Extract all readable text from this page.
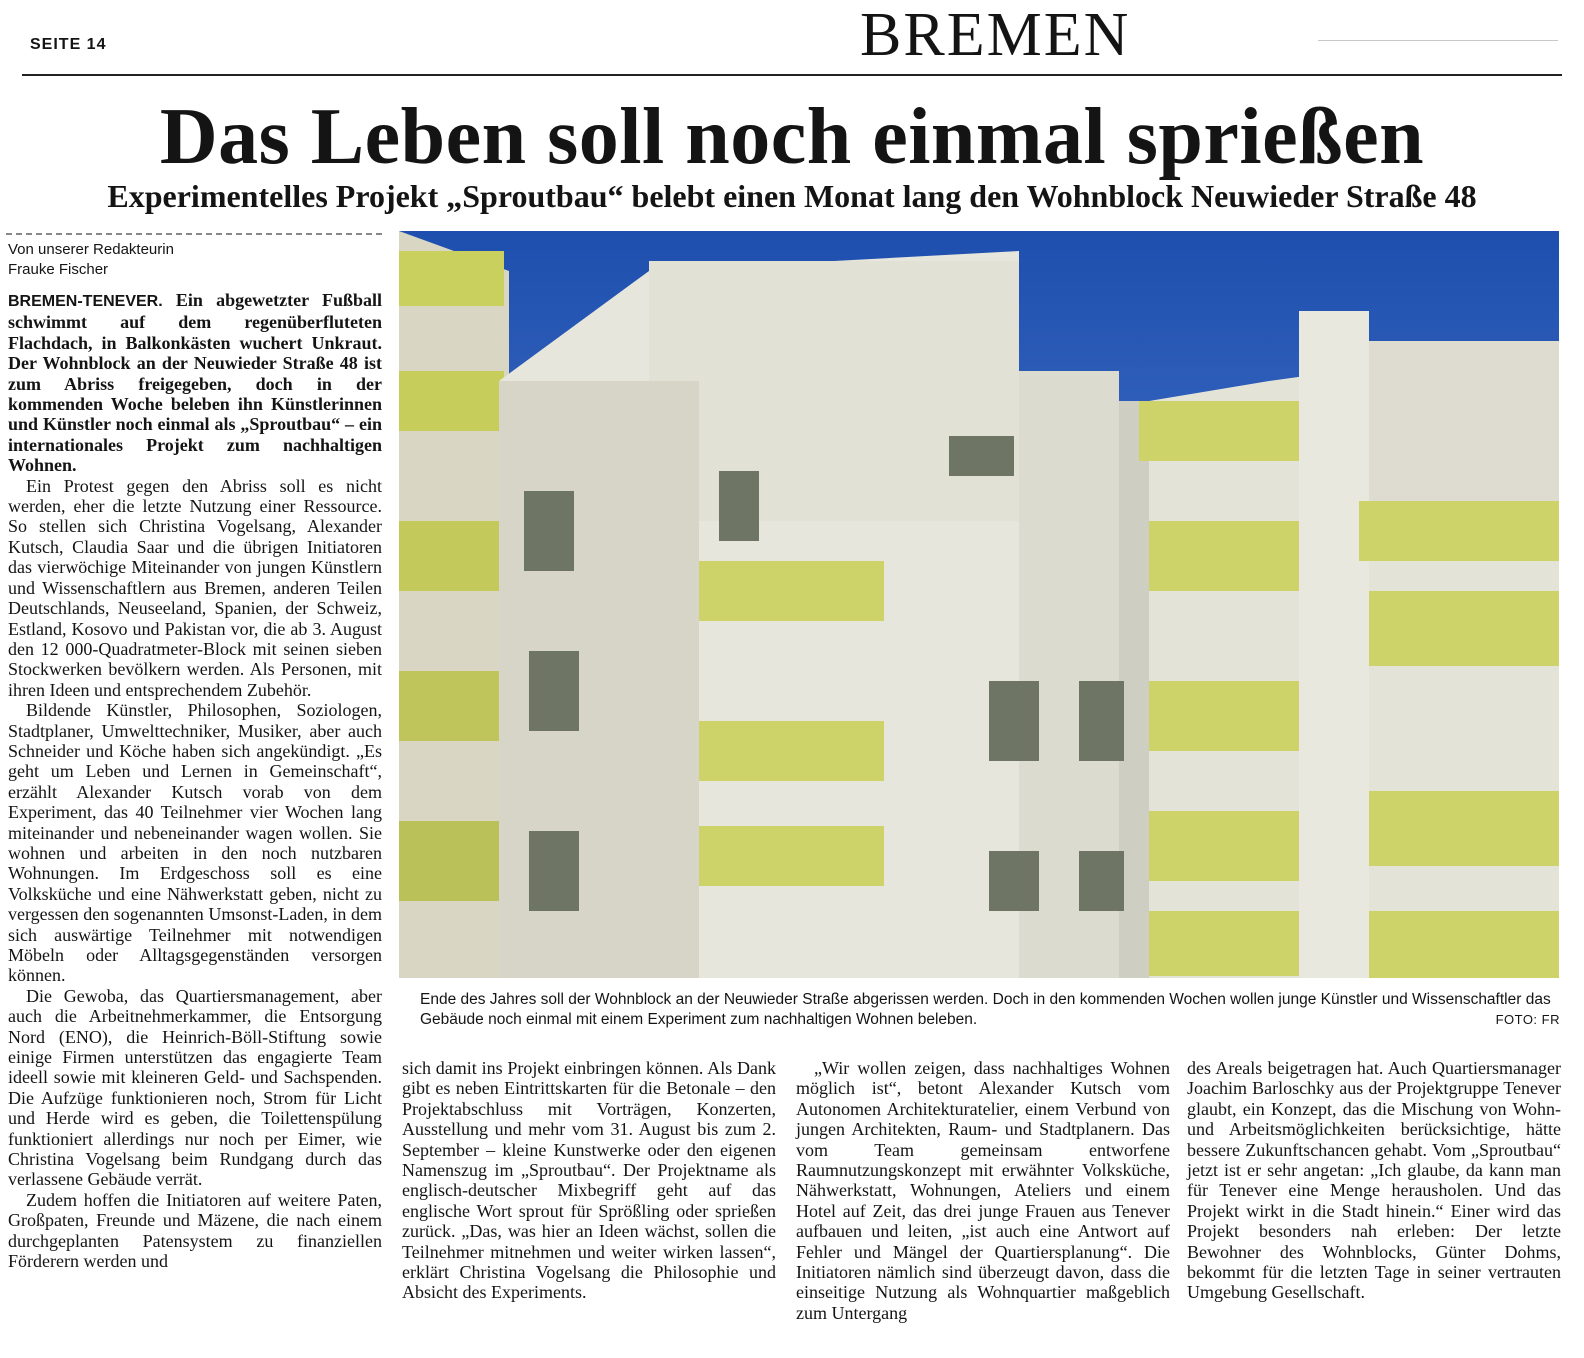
SEITE 14	BREMEN
Das Leben soll noch einmal sprießen
Experimentelles Projekt „Sproutbau“ belebt einen Monat lang den Wohnblock Neuwieder Straße 48
Von unserer Redakteurin
Frauke Fischer

BREMEN-TENEVER. Ein abgewetzter Fußball schwimmt auf dem regenüberfluteten Flachdach, in Balkonkästen wuchert Unkraut. Der Wohnblock an der Neuwieder Straße 48 ist zum Abriss freigegeben, doch in der kommenden Woche beleben ihn Künstlerinnen und Künstler noch einmal als „Sproutbau“ – ein internationales Projekt zum nachhaltigen Wohnen.

Ein Protest gegen den Abriss soll es nicht werden, eher die letzte Nutzung einer Ressource. So stellen sich Christina Vogelsang, Alexander Kutsch, Claudia Saar und die übrigen Initiatoren das vierwöchige Miteinander von jungen Künstlern und Wissenschaftlern aus Bremen, anderen Teilen Deutschlands, Neuseeland, Spanien, der Schweiz, Estland, Kosovo und Pakistan vor, die ab 3. August den 12 000-Quadratmeter-Block mit seinen sieben Stockwerken bevölkern werden. Als Personen, mit ihren Ideen und entsprechendem Zubehör.

Bildende Künstler, Philosophen, Soziologen, Stadtplaner, Umwelttechniker, Musiker, aber auch Schneider und Köche haben sich angekündigt. „Es geht um Leben und Lernen in Gemeinschaft“, erzählt Alexander Kutsch vorab von dem Experiment, das 40 Teilnehmer vier Wochen lang miteinander und nebeneinander wagen wollen. Sie wohnen und arbeiten in den noch nutzbaren Wohnungen. Im Erdgeschoss soll es eine Volksküche und eine Nähwerkstatt geben, nicht zu vergessen den sogenannten Umsonst-Laden, in dem sich auswärtige Teilnehmer mit notwendigen Möbeln oder Alltagsgegenständen versorgen können.

Die Gewoba, das Quartiersmanagement, aber auch die Arbeitnehmerkammer, die Entsorgung Nord (ENO), die Heinrich-Böll-Stiftung sowie einige Firmen unterstützen das engagierte Team ideell sowie mit kleineren Geld- und Sachspenden. Die Aufzüge funktionieren noch, Strom für Licht und Herde wird es geben, die Toilettenspülung funktioniert allerdings nur noch per Eimer, wie Christina Vogelsang beim Rundgang durch das verlassene Gebäude verrät.

Zudem hoffen die Initiatoren auf weitere Paten, Großpaten, Freunde und Mäzene, die nach einem durchgeplanten Patensystem zu finanziellen Förderern werden und

Ende des Jahres soll der Wohnblock an der Neuwieder Straße abgerissen werden. Doch in den kommenden Wochen wollen junge Künstler und Wissenschaftler das Gebäude noch einmal mit einem Experiment zum nachhaltigen Wohnen beleben.	FOTO: FR

sich damit ins Projekt einbringen können. Als Dank gibt es neben Eintrittskarten für die Betonale – den Projektabschluss mit Vorträgen, Konzerten, Ausstellung und mehr vom 31. August bis zum 2. September – kleine Kunstwerke oder den eigenen Namenszug im „Sproutbau“. Der Projektname als englisch-deutscher Mixbegriff geht auf das englische Wort sprout für Sprößling oder sprießen zurück. „Das, was hier an Ideen wächst, sollen die Teilnehmer mitnehmen und weiter wirken lassen“, erklärt Christina Vogelsang die Philosophie und Absicht des Experiments.

„Wir wollen zeigen, dass nachhaltiges Wohnen möglich ist“, betont Alexander Kutsch vom Autonomen Architekturatelier, einem Verbund von jungen Architekten, Raum- und Stadtplanern. Das vom Team gemeinsam entworfene Raumnutzungskonzept mit erwähnter Volksküche, Nähwerkstatt, Wohnungen, Ateliers und einem Hotel auf Zeit, das drei junge Frauen aus Tenever aufbauen und leiten, „ist auch eine Antwort auf Fehler und Mängel der Quartiersplanung“. Die Initiatoren nämlich sind überzeugt davon, dass die einseitige Nutzung als Wohnquartier maßgeblich zum Untergang

des Areals beigetragen hat. Auch Quartiersmanager Joachim Barloschky aus der Projektgruppe Tenever glaubt, ein Konzept, das die Mischung von Wohn- und Arbeitsmöglichkeiten berücksichtige, hätte bessere Zukunftschancen gehabt. Vom „Sproutbau“ jetzt ist er sehr angetan: „Ich glaube, da kann man für Tenever eine Menge herausholen. Und das Projekt wirkt in die Stadt hinein.“ Einer wird das Projekt besonders nah erleben: Der letzte Bewohner des Wohnblocks, Günter Dohms, bekommt für die letzten Tage in seiner vertrauten Umgebung Gesellschaft.
